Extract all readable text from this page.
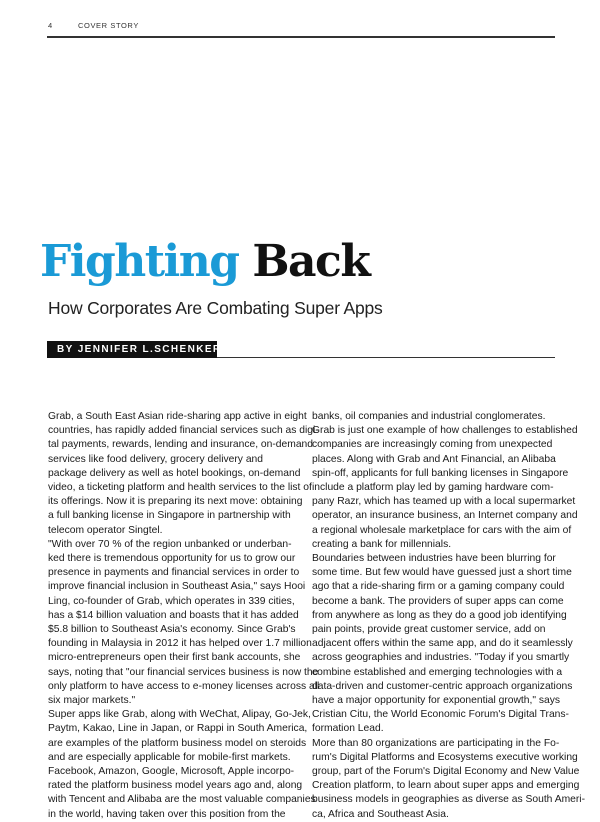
4	COVER STORY
Fighting Back
How Corporates Are Combating Super Apps
BY JENNIFER L.SCHENKER
Grab, a South East Asian ride-sharing app active in eight
countries, has rapidly added financial services such as digi-
tal payments, rewards, lending and insurance, on-demand
services like food delivery, grocery delivery and
package delivery as well as hotel bookings, on-demand
video, a ticketing platform and health services to the list of
its offerings. Now it is preparing its next move: obtaining
a full banking license in Singapore in partnership with
telecom operator Singtel.
"With over 70 % of the region unbanked or underban-
ked there is tremendous opportunity for us to grow our
presence in payments and financial services in order to
improve financial inclusion in Southeast Asia," says Hooi
Ling, co-founder of Grab, which operates in 339 cities,
has a $14 billion valuation and boasts that it has added
$5.8 billion to Southeast Asia's economy. Since Grab's
founding in Malaysia in 2012 it has helped over 1.7 million
micro-entrepreneurs open their first bank accounts, she
says, noting that "our financial services business is now the
only platform to have access to e-money licenses across all
six major markets."
Super apps like Grab, along with WeChat, Alipay, Go-Jek,
Paytm, Kakao, Line in Japan, or Rappi in South America,
are examples of the platform business model on steroids
and are especially applicable for mobile-first markets.
Facebook, Amazon, Google, Microsoft, Apple incorpo-
rated the platform business model years ago and, along
with Tencent and Alibaba are the most valuable companies
in the world, having taken over this position from the
banks, oil companies and industrial conglomerates.
Grab is just one example of how challenges to established
companies are increasingly coming from unexpected
places. Along with Grab and Ant Financial, an Alibaba
spin-off, applicants for full banking licenses in Singapore
include a platform play led by gaming hardware com-
pany Razr, which has teamed up with a local supermarket
operator, an insurance business, an Internet company and
a regional wholesale marketplace for cars with the aim of
creating a bank for millennials.
Boundaries between industries have been blurring for
some time. But few would have guessed just a short time
ago that a ride-sharing firm or a gaming company could
become a bank. The providers of super apps can come
from anywhere as long as they do a good job identifying
pain points, provide great customer service, add on
adjacent offers within the same app, and do it seamlessly
across geographies and industries. "Today if you smartly
combine established and emerging technologies with a
data-driven and customer-centric approach organizations
have a major opportunity for exponential growth," says
Cristian Citu, the World Economic Forum's Digital Trans-
formation Lead.
More than 80 organizations are participating in the Fo-
rum's Digital Platforms and Ecosystems executive working
group, part of the Forum's Digital Economy and New Value
Creation platform, to learn about super apps and emerging
business models in geographies as diverse as South Ameri-
ca, Africa and Southeast Asia.
